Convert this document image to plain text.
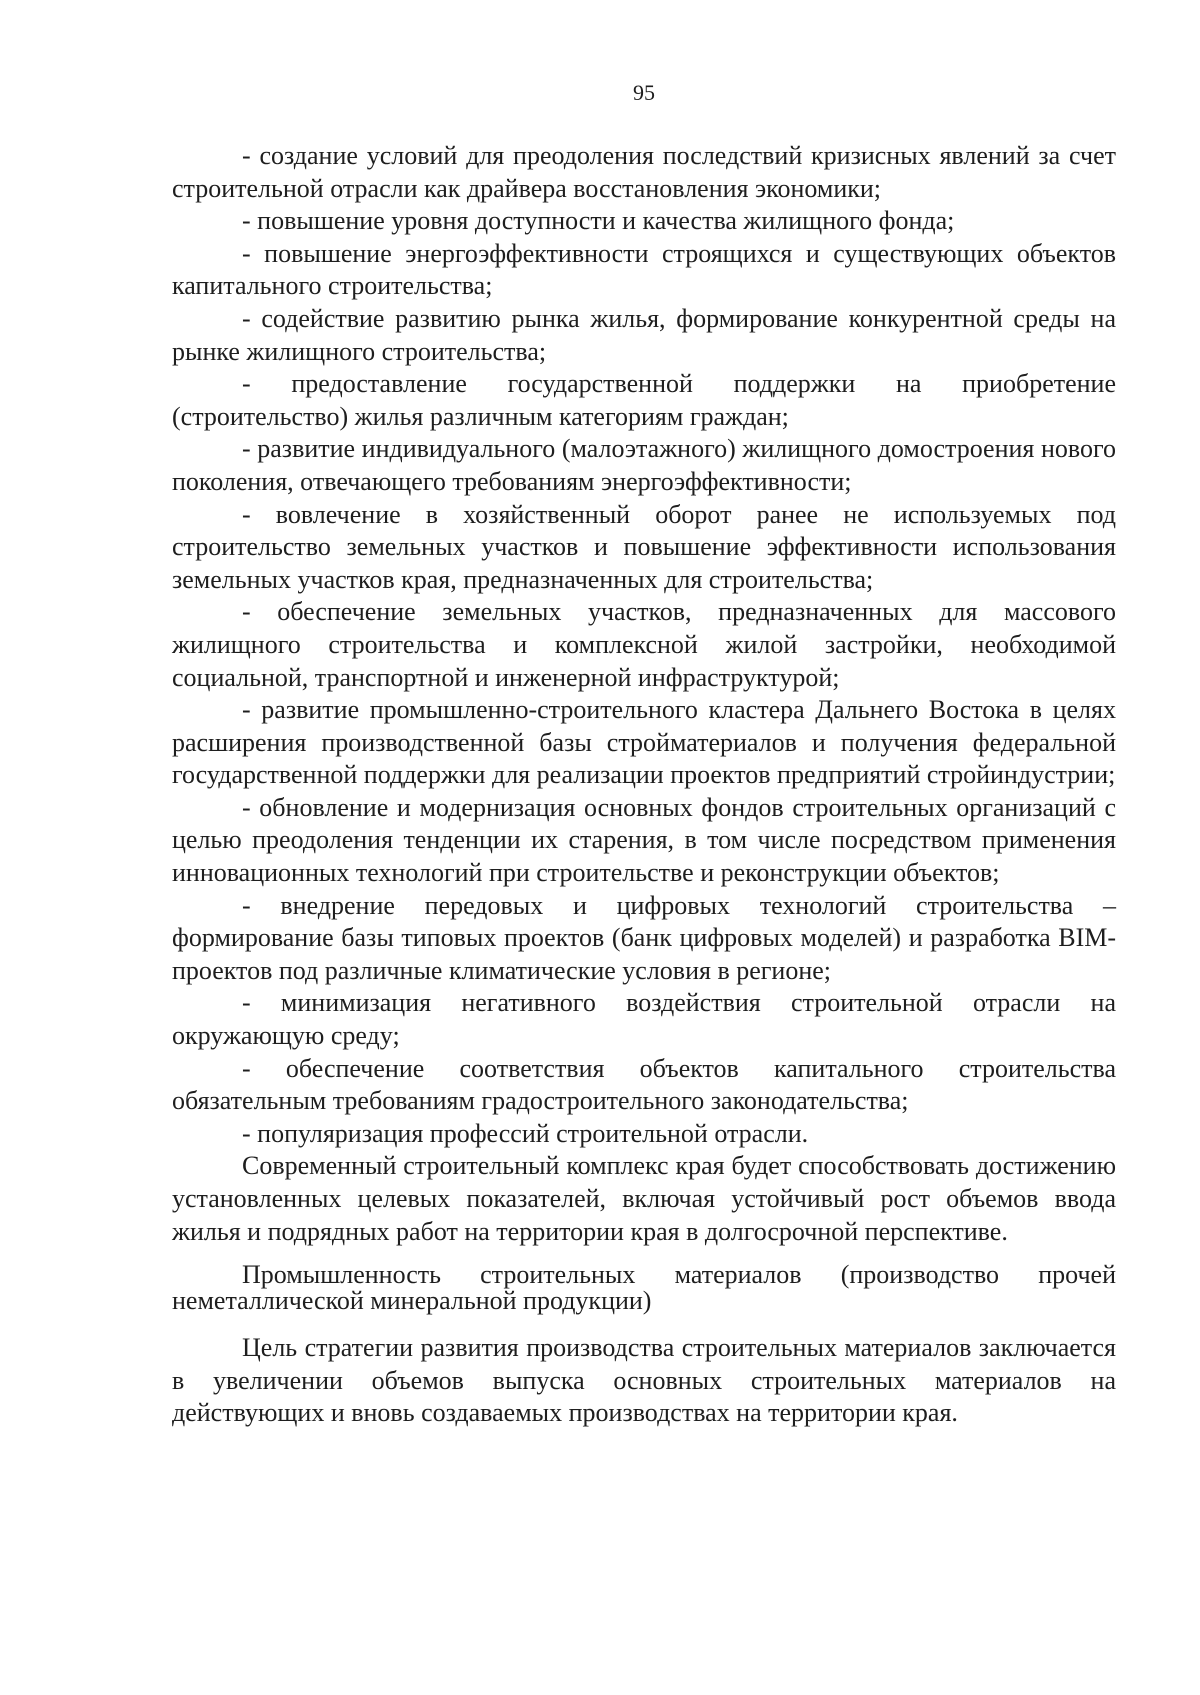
95

- создание условий для преодоления последствий кризисных явлений за счет строительной отрасли как драйвера восстановления экономики;

- повышение уровня доступности и качества жилищного фонда;

- повышение энергоэффективности строящихся и существующих объектов капитального строительства;

- содействие развитию рынка жилья, формирование конкурентной среды на рынке жилищного строительства;

- предоставление государственной поддержки на приобретение (строительство) жилья различным категориям граждан;

- развитие индивидуального (малоэтажного) жилищного домостроения нового поколения, отвечающего требованиям энергоэффективности;

- вовлечение в хозяйственный оборот ранее не используемых под строительство земельных участков и повышение эффективности использования земельных участков края, предназначенных для строительства;

- обеспечение земельных участков, предназначенных для массового жилищного строительства и комплексной жилой застройки, необходимой социальной, транспортной и инженерной инфраструктурой;

- развитие промышленно-строительного кластера Дальнего Востока в целях расширения производственной базы стройматериалов и получения федеральной государственной поддержки для реализации проектов предприятий стройиндустрии;

- обновление и модернизация основных фондов строительных организаций с целью преодоления тенденции их старения, в том числе посредством применения инновационных технологий при строительстве и реконструкции объектов;

- внедрение передовых и цифровых технологий строительства – формирование базы типовых проектов (банк цифровых моделей) и разработка BIM-проектов под различные климатические условия в регионе;

- минимизация негативного воздействия строительной отрасли на окружающую среду;

- обеспечение соответствия объектов капитального строительства обязательным требованиям градостроительного законодательства;

- популяризация профессий строительной отрасли.

Современный строительный комплекс края будет способствовать достижению установленных целевых показателей, включая устойчивый рост объемов ввода жилья и подрядных работ на территории края в долгосрочной перспективе.

Промышленность строительных материалов (производство прочей неметаллической минеральной продукции)

Цель стратегии развития производства строительных материалов заключается в увеличении объемов выпуска основных строительных материалов на действующих и вновь создаваемых производствах на территории края.
